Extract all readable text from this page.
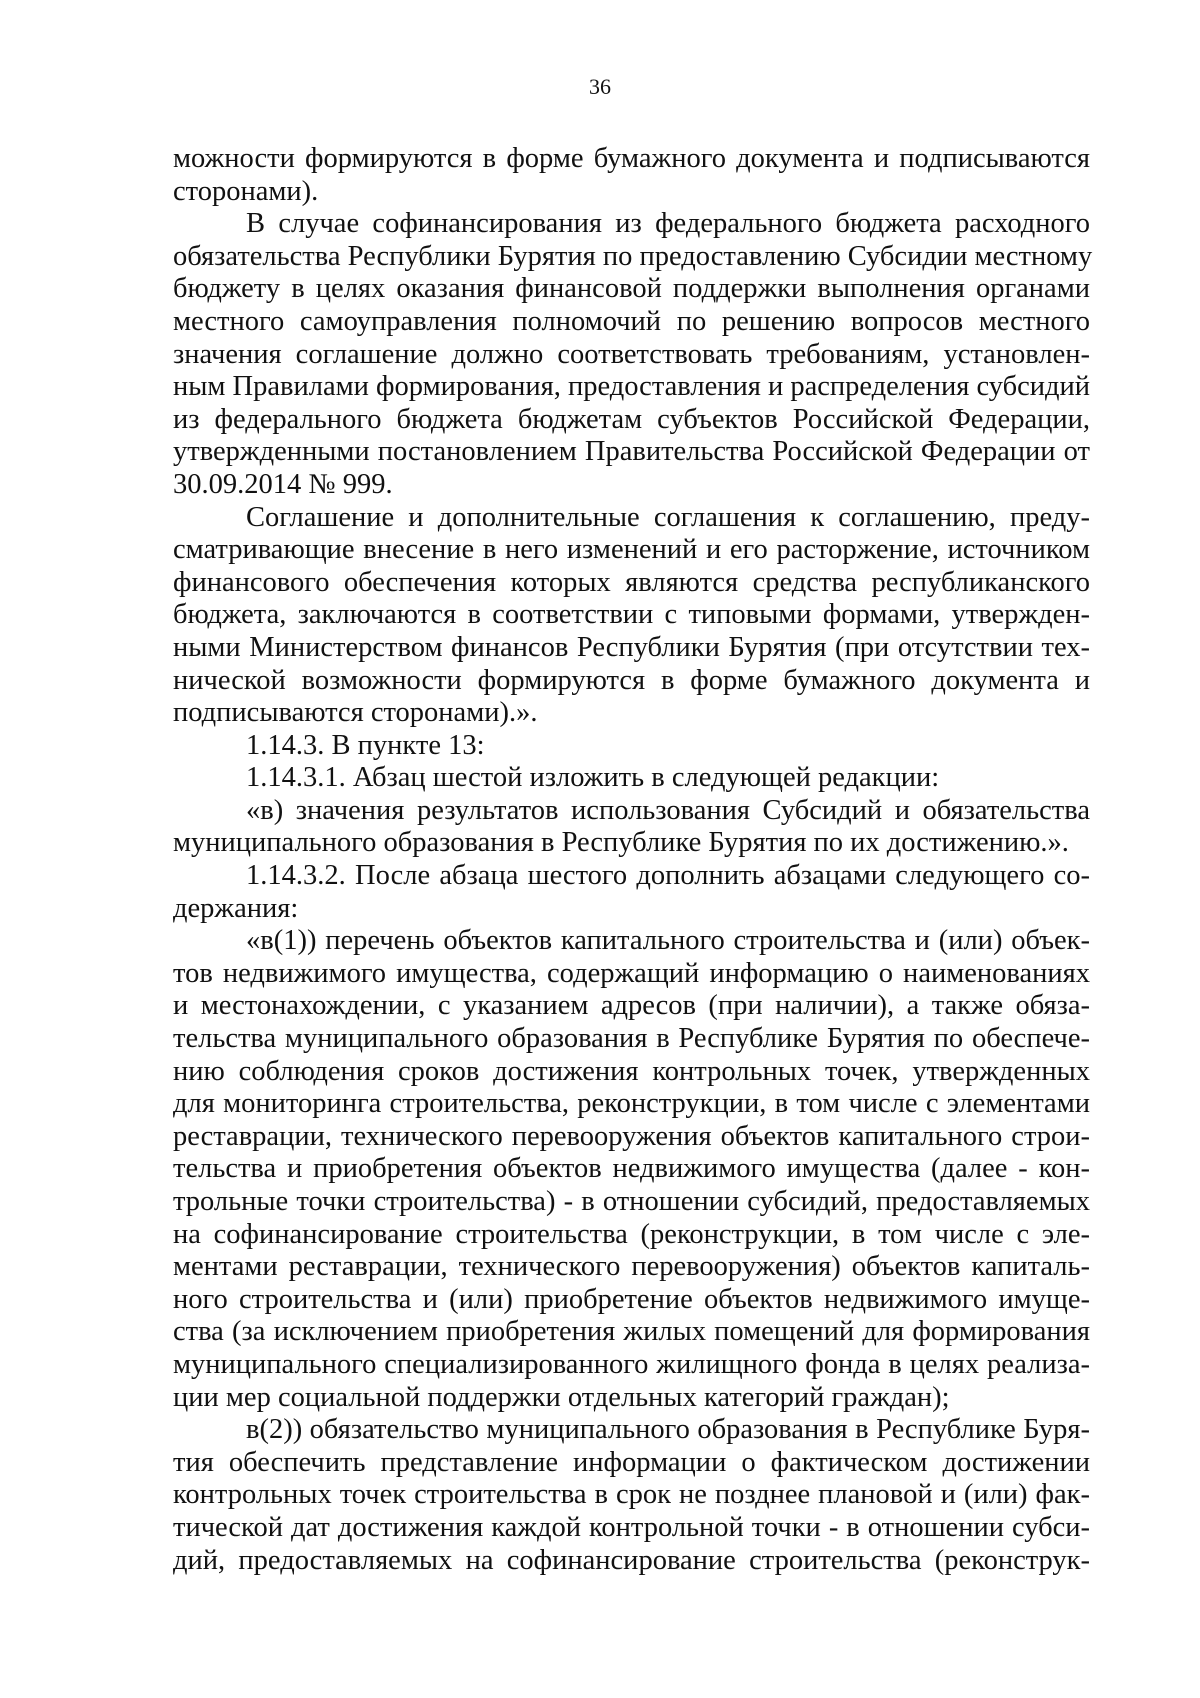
36
можности формируются в форме бумажного документа и подписываются
сторонами).
В случае софинансирования из федерального бюджета расходного
обязательства Республики Бурятия по предоставлению Субсидии местному
бюджету в целях оказания финансовой поддержки выполнения органами
местного самоуправления полномочий по решению вопросов местного
значения соглашение должно соответствовать требованиям, установлен-
ным Правилами формирования, предоставления и распределения субсидий
из федерального бюджета бюджетам субъектов Российской Федерации,
утвержденными постановлением Правительства Российской Федерации от
30.09.2014 № 999.
Соглашение и дополнительные соглашения к соглашению, преду-
сматривающие внесение в него изменений и его расторжение, источником
финансового обеспечения которых являются средства республиканского
бюджета, заключаются в соответствии с типовыми формами, утвержден-
ными Министерством финансов Республики Бурятия (при отсутствии тех-
нической возможности формируются в форме бумажного документа и
подписываются сторонами).».
1.14.3. В пункте 13:
1.14.3.1. Абзац шестой изложить в следующей редакции:
«в) значения результатов использования Субсидий и обязательства
муниципального образования в Республике Бурятия по их достижению.».
1.14.3.2. После абзаца шестого дополнить абзацами следующего со-
держания:
«в(1)) перечень объектов капитального строительства и (или) объек-
тов недвижимого имущества, содержащий информацию о наименованиях
и местонахождении, с указанием адресов (при наличии), а также обяза-
тельства муниципального образования в Республике Бурятия по обеспече-
нию соблюдения сроков достижения контрольных точек, утвержденных
для мониторинга строительства, реконструкции, в том числе с элементами
реставрации, технического перевооружения объектов капитального строи-
тельства и приобретения объектов недвижимого имущества (далее - кон-
трольные точки строительства) - в отношении субсидий, предоставляемых
на софинансирование строительства (реконструкции, в том числе с эле-
ментами реставрации, технического перевооружения) объектов капиталь-
ного строительства и (или) приобретение объектов недвижимого имуще-
ства (за исключением приобретения жилых помещений для формирования
муниципального специализированного жилищного фонда в целях реализа-
ции мер социальной поддержки отдельных категорий граждан);
в(2)) обязательство муниципального образования в Республике Буря-
тия обеспечить представление информации о фактическом достижении
контрольных точек строительства в срок не позднее плановой и (или) фак-
тической дат достижения каждой контрольной точки - в отношении субси-
дий, предоставляемых на софинансирование строительства (реконструк-
